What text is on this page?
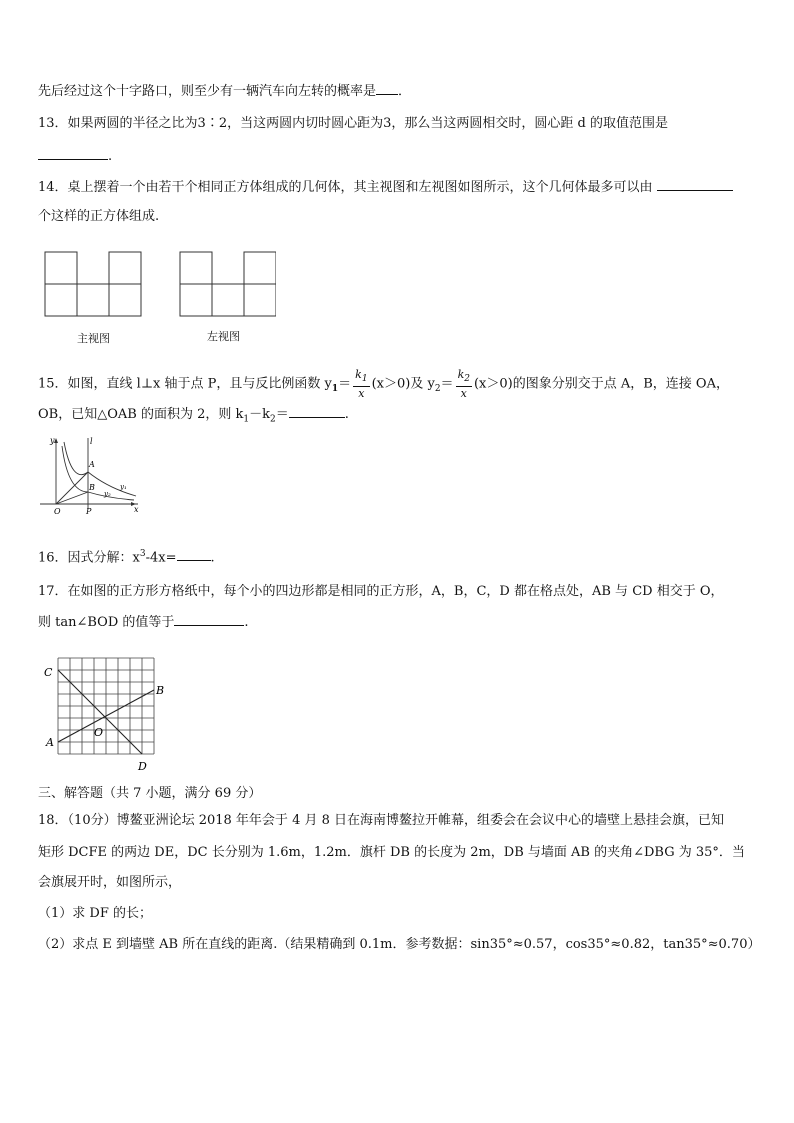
先后经过这个十字路口，则至少有一辆汽车向左转的概率是 ．
13．如果两圆的半径之比为3∶2，当这两圆内切时圆心距为3，那么当这两圆相交时，圆心距 d 的取值范围是
.
14．桌上摆着一个由若干个相同正方体组成的几何体，其主视图和左视图如图所示，这个几何体最多可以由
个这样的正方体组成.
主视图	左视图
15．如图，直线 l⊥x 轴于点 P，且与反比例函数 $y_1= \frac{k_1}{x} (x>0)$及 $y_2= \frac{k_2}{x} (x>0)$的图象分别交于点 A，B，连接 OA，
OB，已知△OAB 的面积为 2，则 $k_1-k_2=$	.
y	l
A
B	y₁
y₂
O	P	x
16．因式分解：$x^3-4x=$	.
17．在如图的正方形方格纸中，每个小的四边形都是相同的正方形，A，B，C，D 都在格点处，AB 与 CD 相交于 O，
则 tan∠BOD 的值等于	.
C
B
A
O
D
三、解答题（共 7 小题，满分 69 分）
18．（10分）博鳌亚洲论坛 2018 年年会于 4 月 8 日在海南博鳌拉开帷幕，组委会在会议中心的墙壁上悬挂会旗，已知
矩形 DCFE 的两边 DE，DC 长分别为 1.6m，1.2m．旗杆 DB 的长度为 2m，DB 与墙面 AB 的夹角∠DBG 为 35°．当
会旗展开时，如图所示，
（1）求 DF 的长；
（2）求点 E 到墙壁 AB 所在直线的距离.（结果精确到 0.1m．参考数据：sin35°≈0.57，cos35°≈0.82，tan35°≈0.70）
